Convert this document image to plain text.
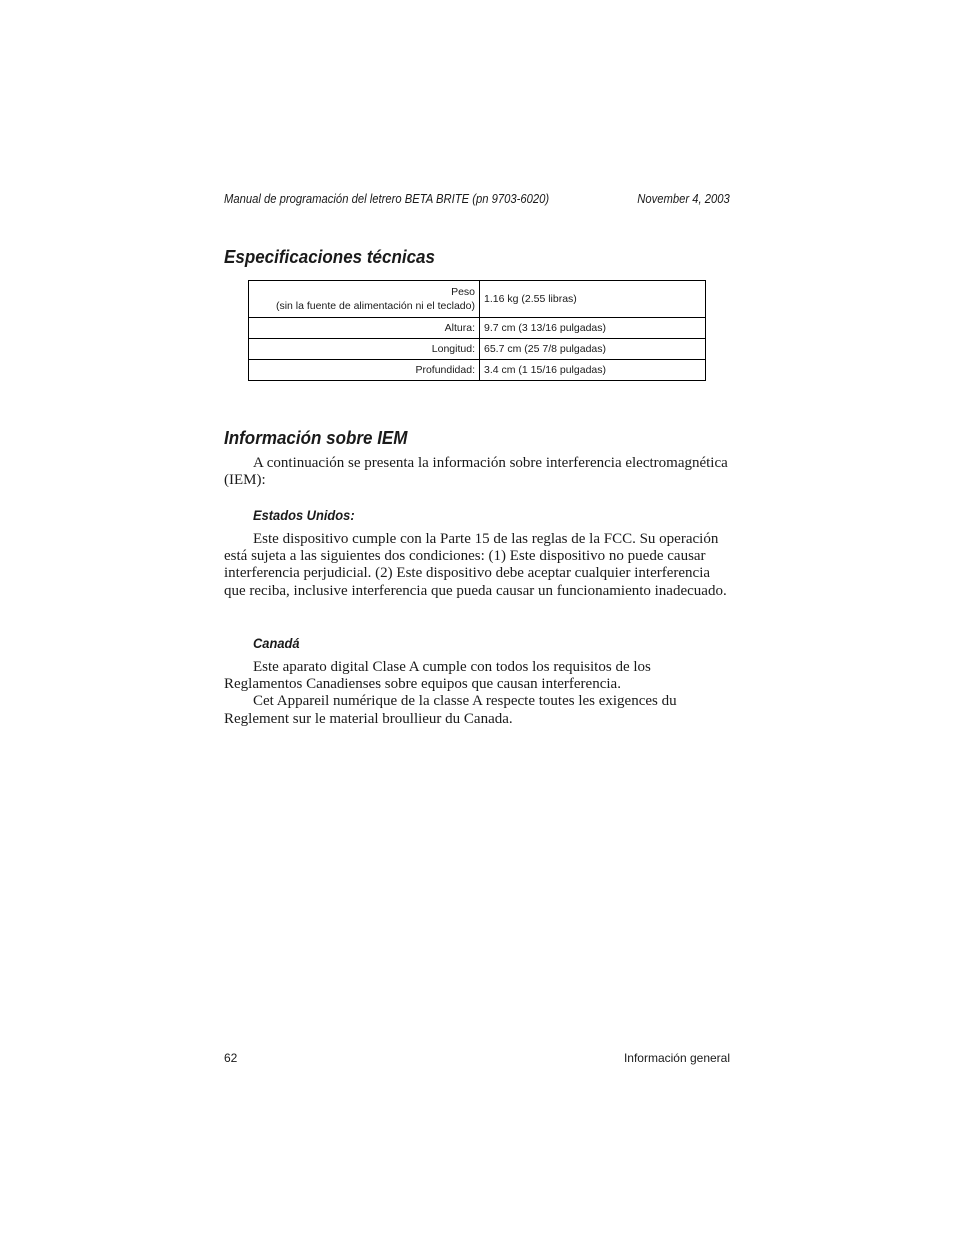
Manual de programación del letrero BETA BRITE (pn 9703-6020)	November 4, 2003
Especificaciones técnicas
Peso
(sin la fuente de alimentación ni el teclado)	1.16 kg (2.55 libras)
Altura:	9.7 cm (3 13/16 pulgadas)
Longitud:	65.7 cm (25 7/8 pulgadas)
Profundidad:	3.4 cm (1 15/16 pulgadas)
Información sobre IEM
A continuación se presenta la información sobre interferencia electromagnética (IEM):
Estados Unidos:
Este dispositivo cumple con la Parte 15 de las reglas de la FCC. Su operación está sujeta a las siguientes dos condiciones: (1) Este dispositivo no puede causar interferencia perjudicial. (2) Este dispositivo debe aceptar cualquier interferencia que reciba, inclusive interferencia que pueda causar un funcionamiento inadecuado.
Canadá
Este aparato digital Clase A cumple con todos los requisitos de los Reglamentos Canadienses sobre equipos que causan interferencia.
Cet Appareil numérique de la classe A respecte toutes les exigences du Reglement sur le material broullieur du Canada.
62	Información general
